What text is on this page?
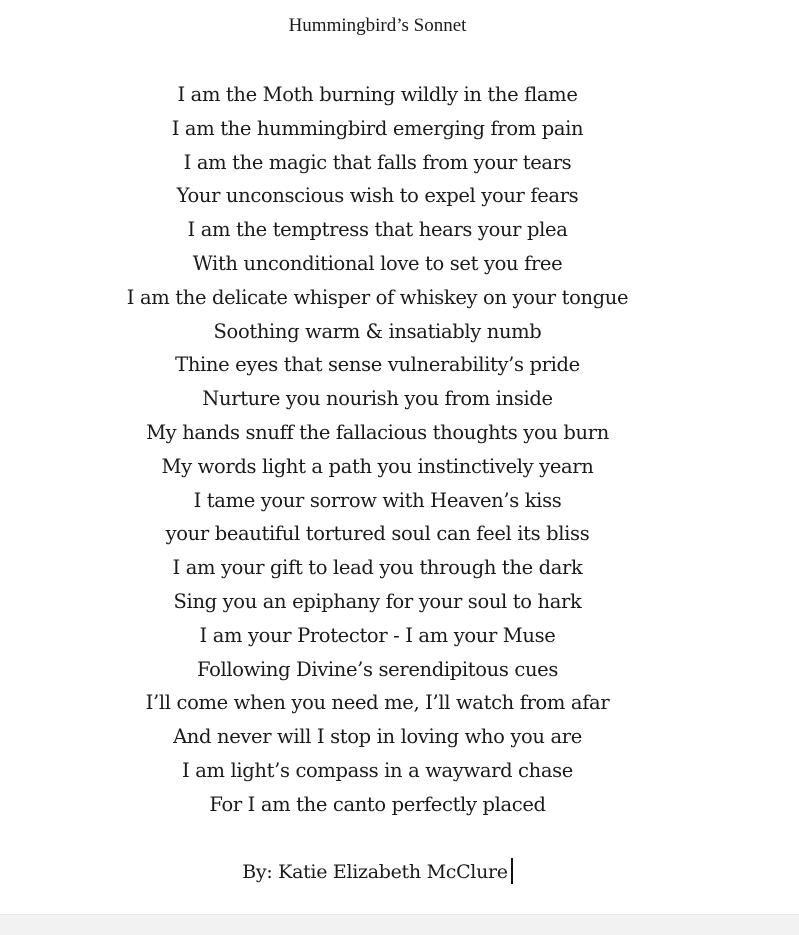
Hummingbird’s Sonnet
I am the Moth burning wildly in the flame
I am the hummingbird emerging from pain
I am the magic that falls from your tears
Your unconscious wish to expel your fears
I am the temptress that hears your plea
With unconditional love to set you free
I am the delicate whisper of whiskey on your tongue
Soothing warm & insatiably numb
Thine eyes that sense vulnerability’s pride
Nurture you nourish you from inside
My hands snuff the fallacious thoughts you burn
My words light a path you instinctively yearn
I tame your sorrow with Heaven’s kiss
your beautiful tortured soul can feel its bliss
I am your gift to lead you through the dark
Sing you an epiphany for your soul to hark
I am your Protector - I am your Muse
Following Divine’s serendipitous cues
I’ll come when you need me, I’ll watch from afar
And never will I stop in loving who you are
I am light’s compass in a wayward chase
For I am the canto perfectly placed
By: Katie Elizabeth McClure
